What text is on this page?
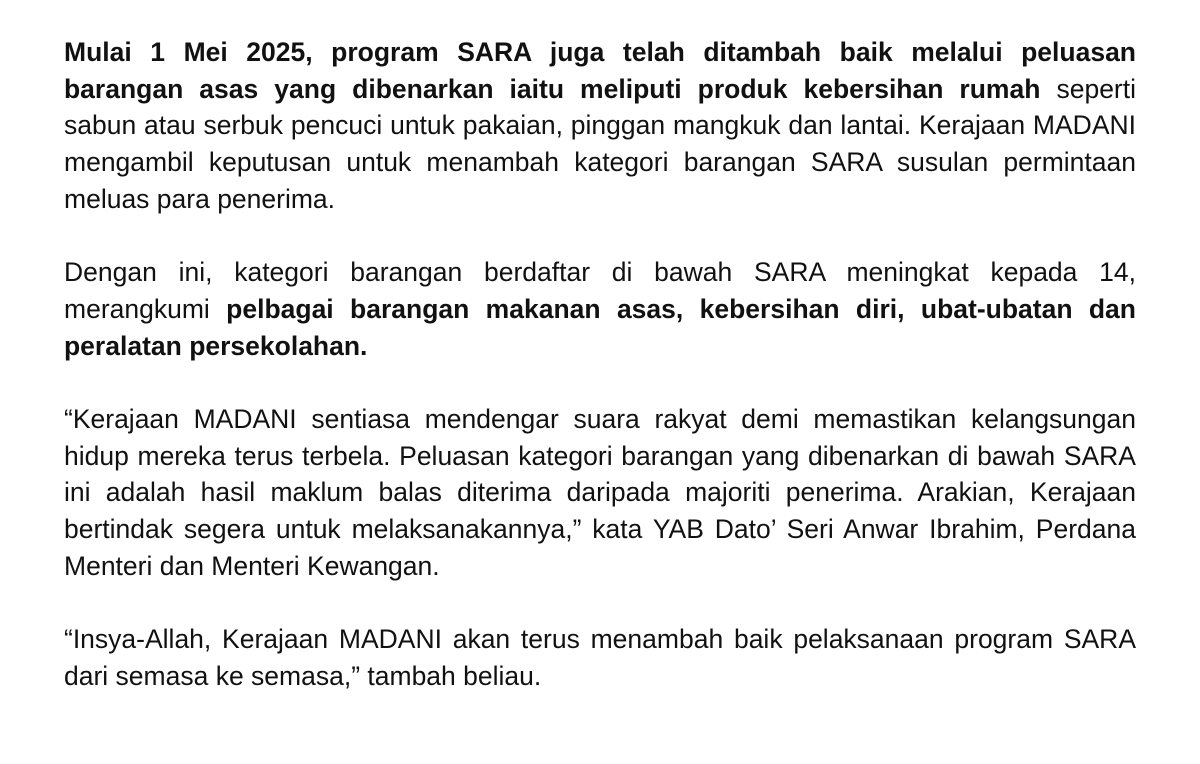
Mulai 1 Mei 2025, program SARA juga telah ditambah baik melalui peluasan barangan asas yang dibenarkan iaitu meliputi produk kebersihan rumah seperti sabun atau serbuk pencuci untuk pakaian, pinggan mangkuk dan lantai. Kerajaan MADANI mengambil keputusan untuk menambah kategori barangan SARA susulan permintaan meluas para penerima.

Dengan ini, kategori barangan berdaftar di bawah SARA meningkat kepada 14, merangkumi pelbagai barangan makanan asas, kebersihan diri, ubat-ubatan dan peralatan persekolahan.

“Kerajaan MADANI sentiasa mendengar suara rakyat demi memastikan kelangsungan hidup mereka terus terbela. Peluasan kategori barangan yang dibenarkan di bawah SARA ini adalah hasil maklum balas diterima daripada majoriti penerima. Arakian, Kerajaan bertindak segera untuk melaksanakannya,” kata YAB Dato’ Seri Anwar Ibrahim, Perdana Menteri dan Menteri Kewangan.

“Insya-Allah, Kerajaan MADANI akan terus menambah baik pelaksanaan program SARA dari semasa ke semasa,” tambah beliau.
